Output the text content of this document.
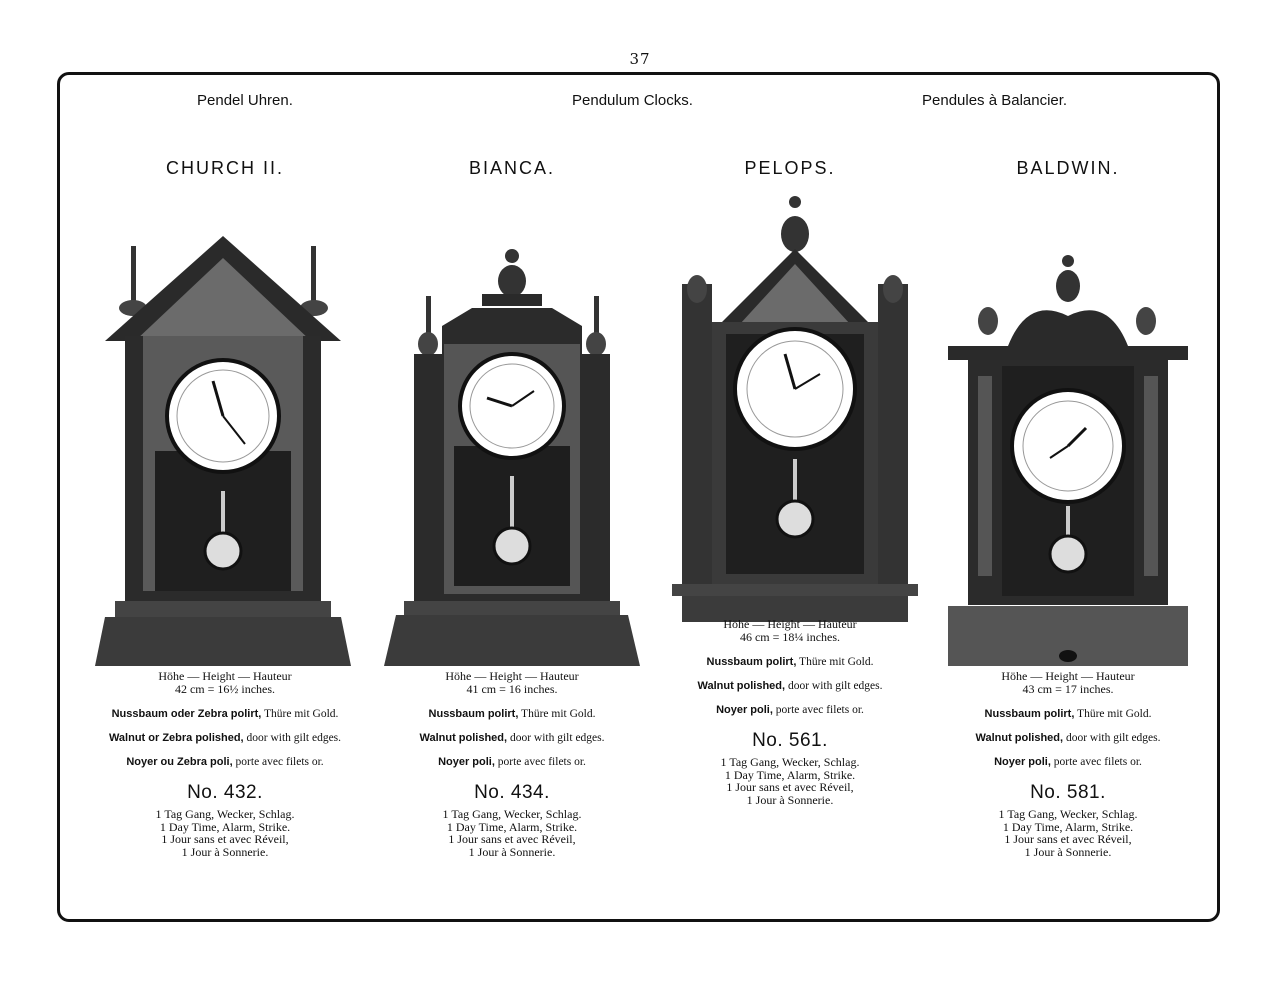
37
Pendel Uhren.	Pendulum Clocks.	Pendules à Balancier.
CHURCH II.
Höhe — Height — Hauteur
42 cm = 16½ inches.
Nussbaum oder Zebra polirt, Thüre mit Gold.
Walnut or Zebra polished, door with gilt edges.
Noyer ou Zebra poli, porte avec filets or.
No. 432.
1 Tag Gang, Wecker, Schlag.
1 Day Time, Alarm, Strike.
1 Jour sans et avec Réveil,
1 Jour à Sonnerie.
BIANCA.
Höhe — Height — Hauteur
41 cm = 16 inches.
Nussbaum polirt, Thüre mit Gold.
Walnut polished, door with gilt edges.
Noyer poli, porte avec filets or.
No. 434.
1 Tag Gang, Wecker, Schlag.
1 Day Time, Alarm, Strike.
1 Jour sans et avec Réveil,
1 Jour à Sonnerie.
PELOPS.
Höhe — Height — Hauteur
46 cm = 18¼ inches.
Nussbaum polirt, Thüre mit Gold.
Walnut polished, door with gilt edges.
Noyer poli, porte avec filets or.
No. 561.
1 Tag Gang, Wecker, Schlag.
1 Day Time, Alarm, Strike.
1 Jour sans et avec Réveil,
1 Jour à Sonnerie.
BALDWIN.
Höhe — Height — Hauteur
43 cm = 17 inches.
Nussbaum polirt, Thüre mit Gold.
Walnut polished, door with gilt edges.
Noyer poli, porte avec filets or.
No. 581.
1 Tag Gang, Wecker, Schlag.
1 Day Time, Alarm, Strike.
1 Jour sans et avec Réveil,
1 Jour à Sonnerie.
